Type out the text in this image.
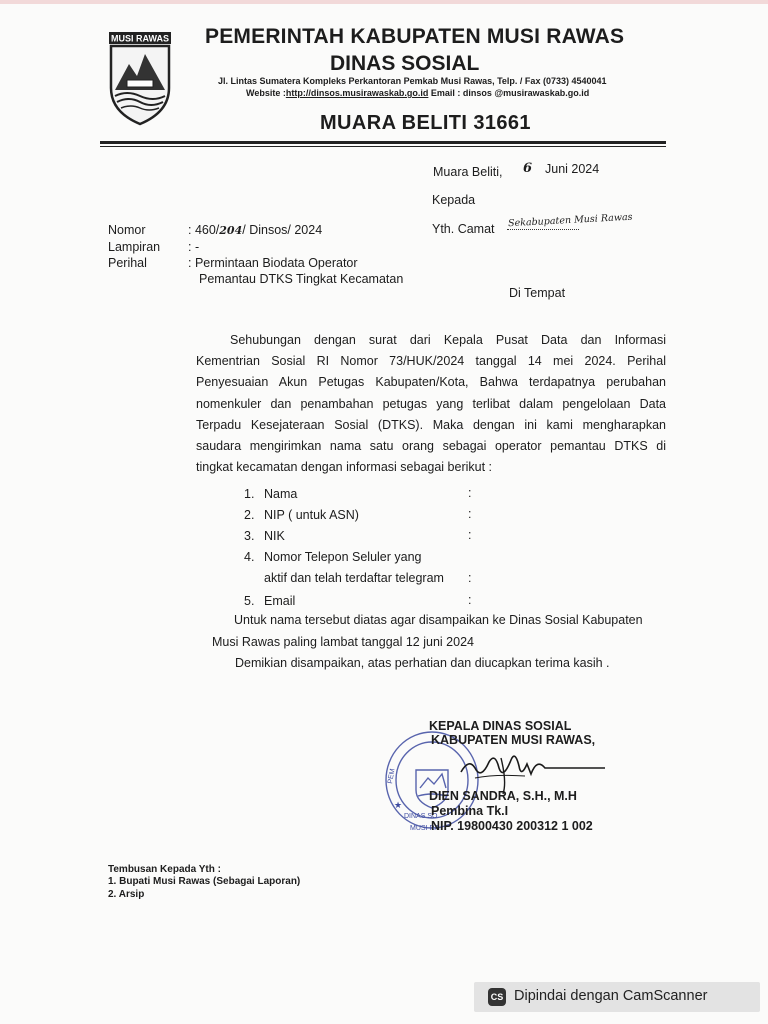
MUSI RAWAS PEMERINTAH KABUPATEN MUSI RAWAS
DINAS SOSIAL
Jl. Lintas Sumatera Kompleks Perkantoran Pemkab Musi Rawas, Telp. / Fax (0733) 4540041
Website :http://dinsos.musirawaskab.go.id Email : dinsos @musirawaskab.go.id
MUARA BELITI 31661
Muara Beliti, 6 Juni 2024
Kepada
Yth. Camat Sekabupaten Musi Rawas
Nomor	: 460/204/ Dinsos/ 2024
Lampiran : -
Perihal	: Permintaan Biodata Operator
Pemantau DTKS Tingkat Kecamatan
Di Tempat

Sehubungan dengan surat dari Kepala Pusat Data dan Informasi

Kementrian Sosial RI Nomor 73/HUK/2024 tanggal 14 mei 2024. Perihal

Penyesuaian Akun Petugas Kabupaten/Kota, Bahwa terdapatnya perubahan

nomenkuler dan penambahan petugas yang terlibat dalam pengelolaan Data

Terpadu Kesejateraan Sosial (DTKS). Maka dengan ini kami mengharapkan

saudara mengirimkan nama satu orang sebagai operator pemantau DTKS di

tingkat kecamatan dengan informasi sebagai berikut :

1. Nama	:
2. NIP ( untuk ASN)	:
3. NIK	:
4. Nomor Telepon Seluler yang
aktif dan telah terdaftar telegram :
5. Email	:
Untuk nama tersebut diatas agar disampaikan ke Dinas Sosial Kabupaten
Musi Rawas paling lambat tanggal 12 juni 2024
Demikian disampaikan, atas perhatian dan diucapkan terima kasih .
PEM
DINAS SO
MUSI RA
★
KEPALA DINAS SOSIAL
KABUPATEN MUSI RAWAS,
DIEN SANDRA, S.H., M.H
Pembina Tk.I
NIP. 19800430 200312 1 002
Tembusan Kepada Yth :
1. Bupati Musi Rawas (Sebagai Laporan)
2. Arsip
CS Dipindai dengan CamScanner
